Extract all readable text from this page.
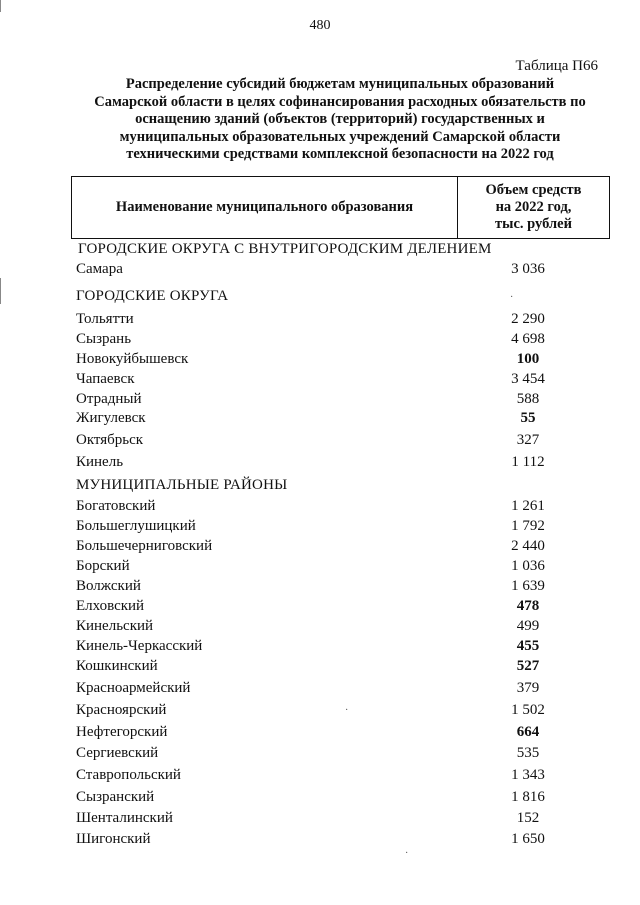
480
Таблица П66
Распределение субсидий бюджетам муниципальных образований
Самарской области в целях софинансирования расходных обязательств по
оснащению зданий (объектов (территорий) государственных и
муниципальных образовательных учреждений Самарской области
техническими средствами комплексной безопасности на 2022 год
Наименование муниципального образования
Объем средств
на 2022 год,
тыс. рублей
ГОРОДСКИЕ ОКРУГА С ВНУТРИГОРОДСКИМ ДЕЛЕНИЕМ
Самара	3 036
ГОРОДСКИЕ ОКРУГА	·
Тольятти	2 290
Сызрань	4 698
Новокуйбышевск	100
Чапаевск	3 454
Отрадный	588
Жигулевск	55
Октябрьск	327
Кинель	1 112
МУНИЦИПАЛЬНЫЕ РАЙОНЫ
Богатовский	1 261
Большеглушицкий	1 792
Большечерниговский	2 440
Борский	1 036
Волжский	1 639
Елховский	478
Кинельский	499
Кинель-Черкасский	455
Кошкинский	527
Красноармейский	379
Красноярский	1 502
Нефтегорский	664
Сергиевский	535
Ставропольский	1 343
Сызранский	1 816
Шенталинский	152
Шигонский	1 650
·
·
